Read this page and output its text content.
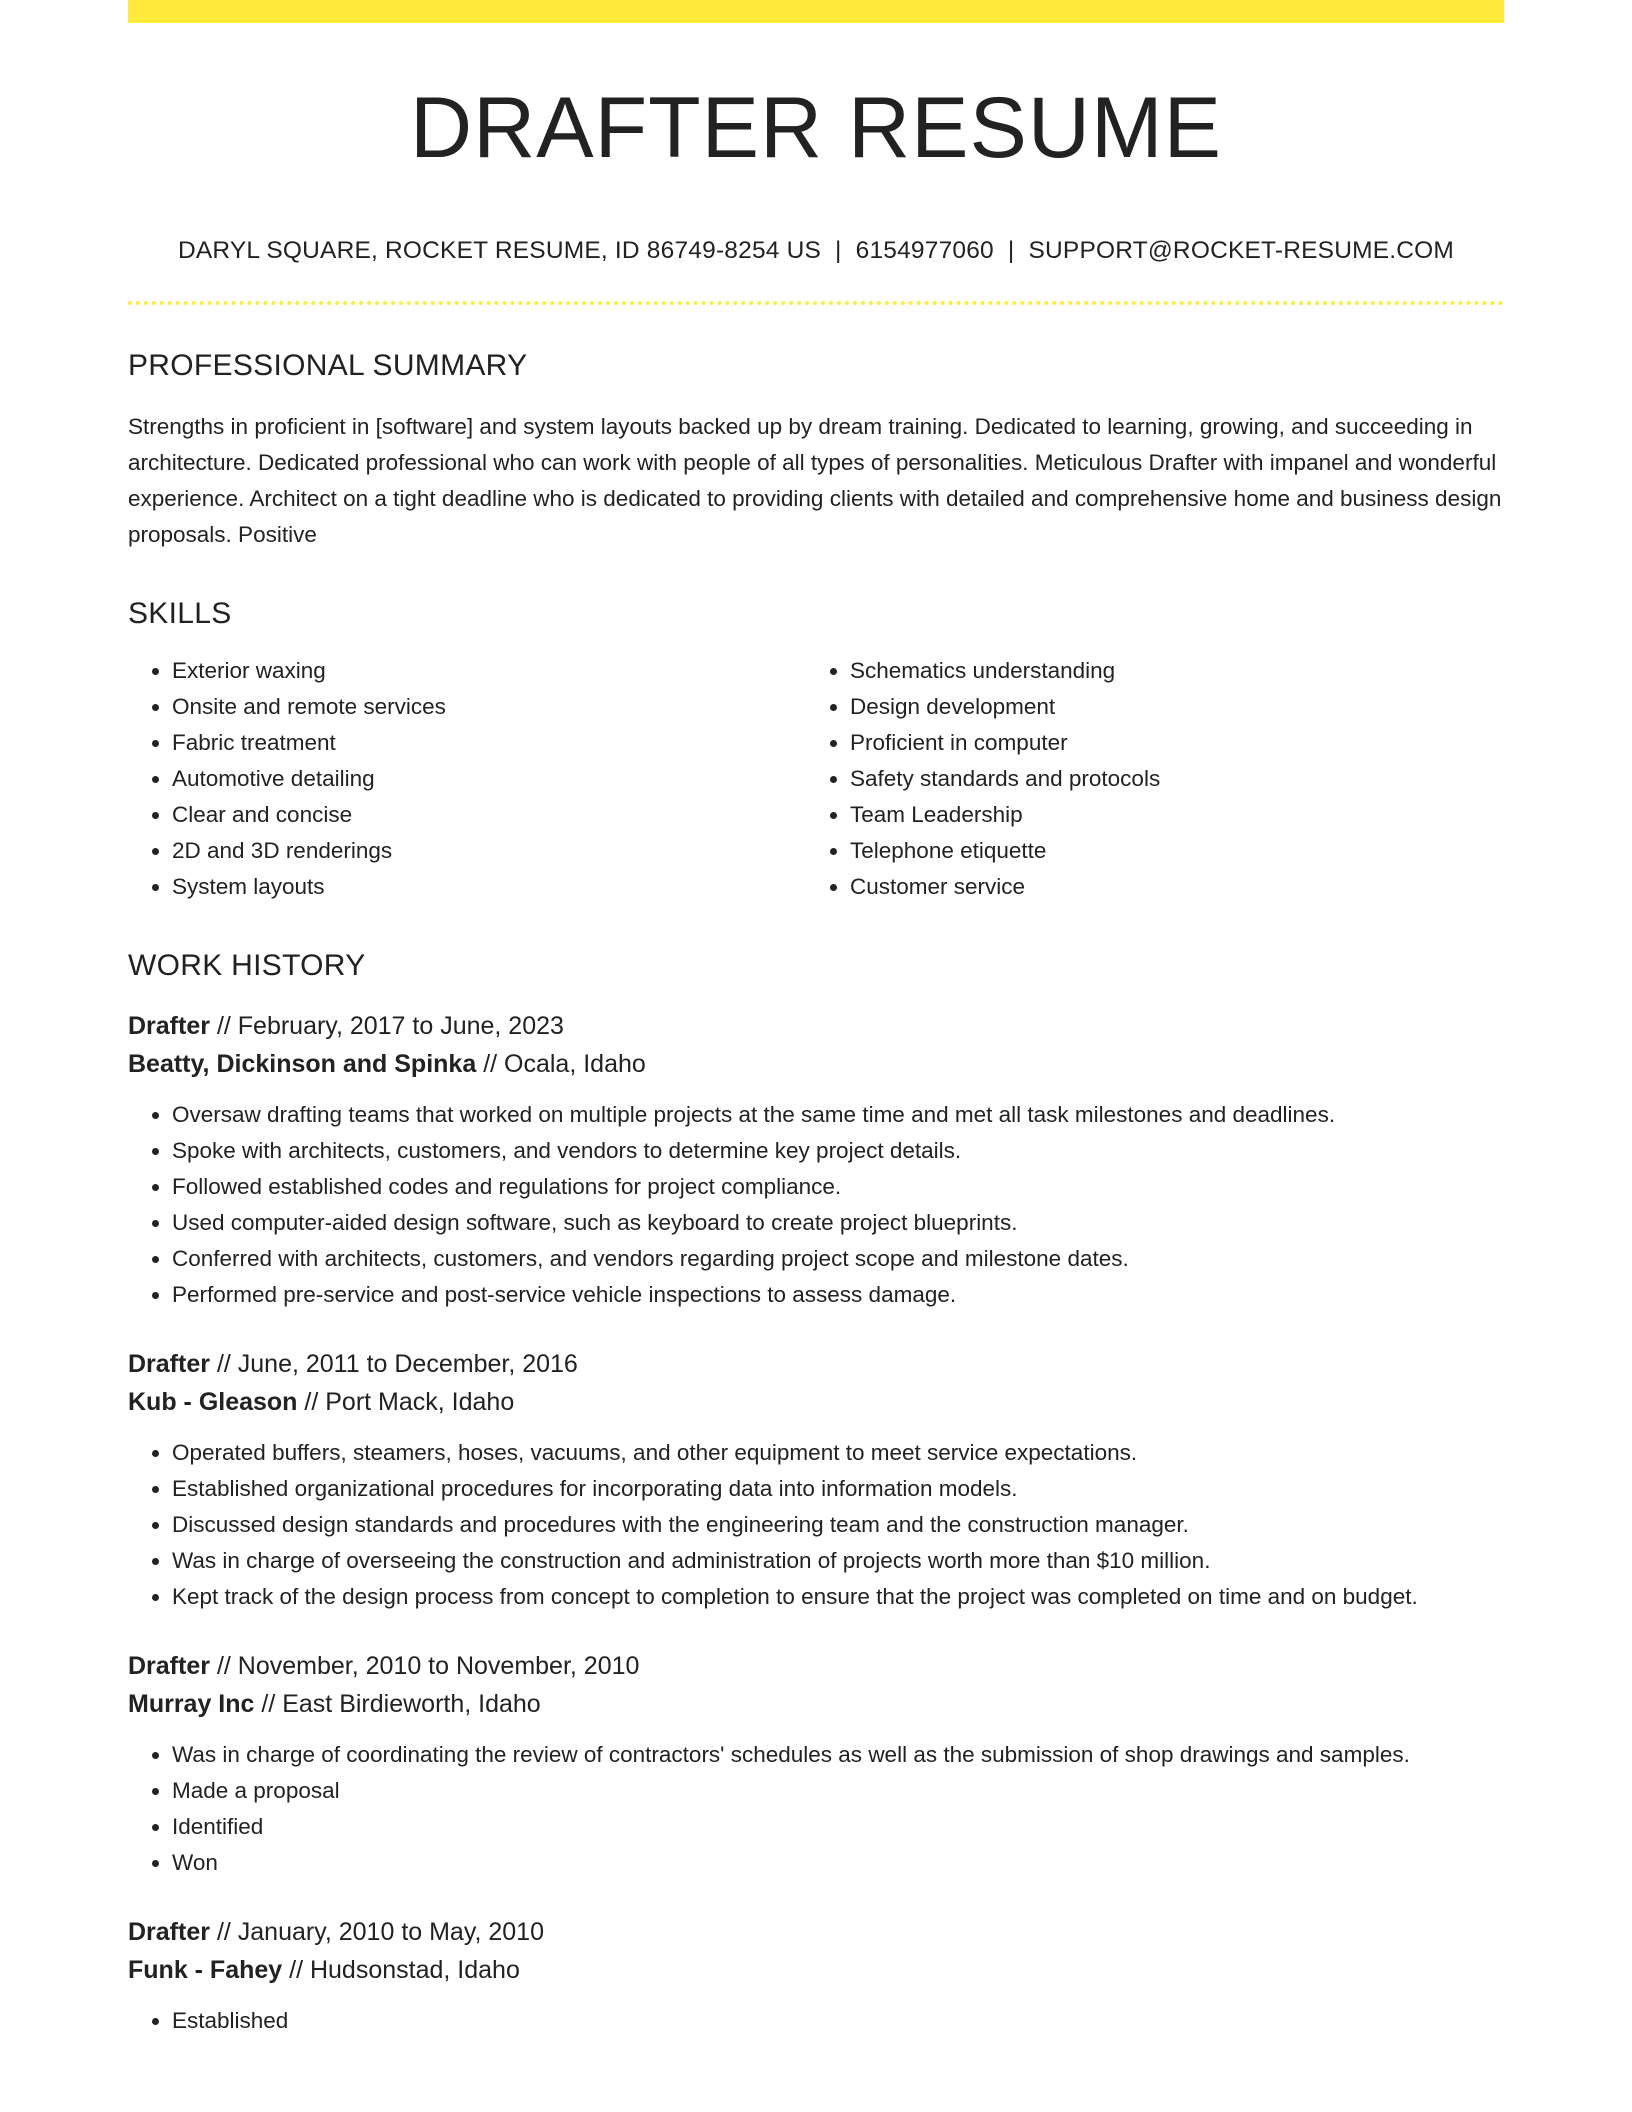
DRAFTER RESUME
DARYL SQUARE, ROCKET RESUME, ID 86749-8254 US | 6154977060 | SUPPORT@ROCKET-RESUME.COM
PROFESSIONAL SUMMARY
Strengths in proficient in [software] and system layouts backed up by dream training. Dedicated to learning, growing, and succeeding in architecture. Dedicated professional who can work with people of all types of personalities. Meticulous Drafter with impanel and wonderful experience. Architect on a tight deadline who is dedicated to providing clients with detailed and comprehensive home and business design proposals. Positive
SKILLS
• Exterior waxing
• Onsite and remote services
• Fabric treatment
• Automotive detailing
• Clear and concise
• 2D and 3D renderings
• System layouts
• Schematics understanding
• Design development
• Proficient in computer
• Safety standards and protocols
• Team Leadership
• Telephone etiquette
• Customer service
WORK HISTORY
Drafter // February, 2017 to June, 2023
Beatty, Dickinson and Spinka // Ocala, Idaho
• Oversaw drafting teams that worked on multiple projects at the same time and met all task milestones and deadlines.
• Spoke with architects, customers, and vendors to determine key project details.
• Followed established codes and regulations for project compliance.
• Used computer-aided design software, such as keyboard to create project blueprints.
• Conferred with architects, customers, and vendors regarding project scope and milestone dates.
• Performed pre-service and post-service vehicle inspections to assess damage.
Drafter // June, 2011 to December, 2016
Kub - Gleason // Port Mack, Idaho
• Operated buffers, steamers, hoses, vacuums, and other equipment to meet service expectations.
• Established organizational procedures for incorporating data into information models.
• Discussed design standards and procedures with the engineering team and the construction manager.
• Was in charge of overseeing the construction and administration of projects worth more than $10 million.
• Kept track of the design process from concept to completion to ensure that the project was completed on time and on budget.
Drafter // November, 2010 to November, 2010
Murray Inc // East Birdieworth, Idaho
• Was in charge of coordinating the review of contractors' schedules as well as the submission of shop drawings and samples.
• Made a proposal
• Identified
• Won
Drafter // January, 2010 to May, 2010
Funk - Fahey // Hudsonstad, Idaho
• Established
